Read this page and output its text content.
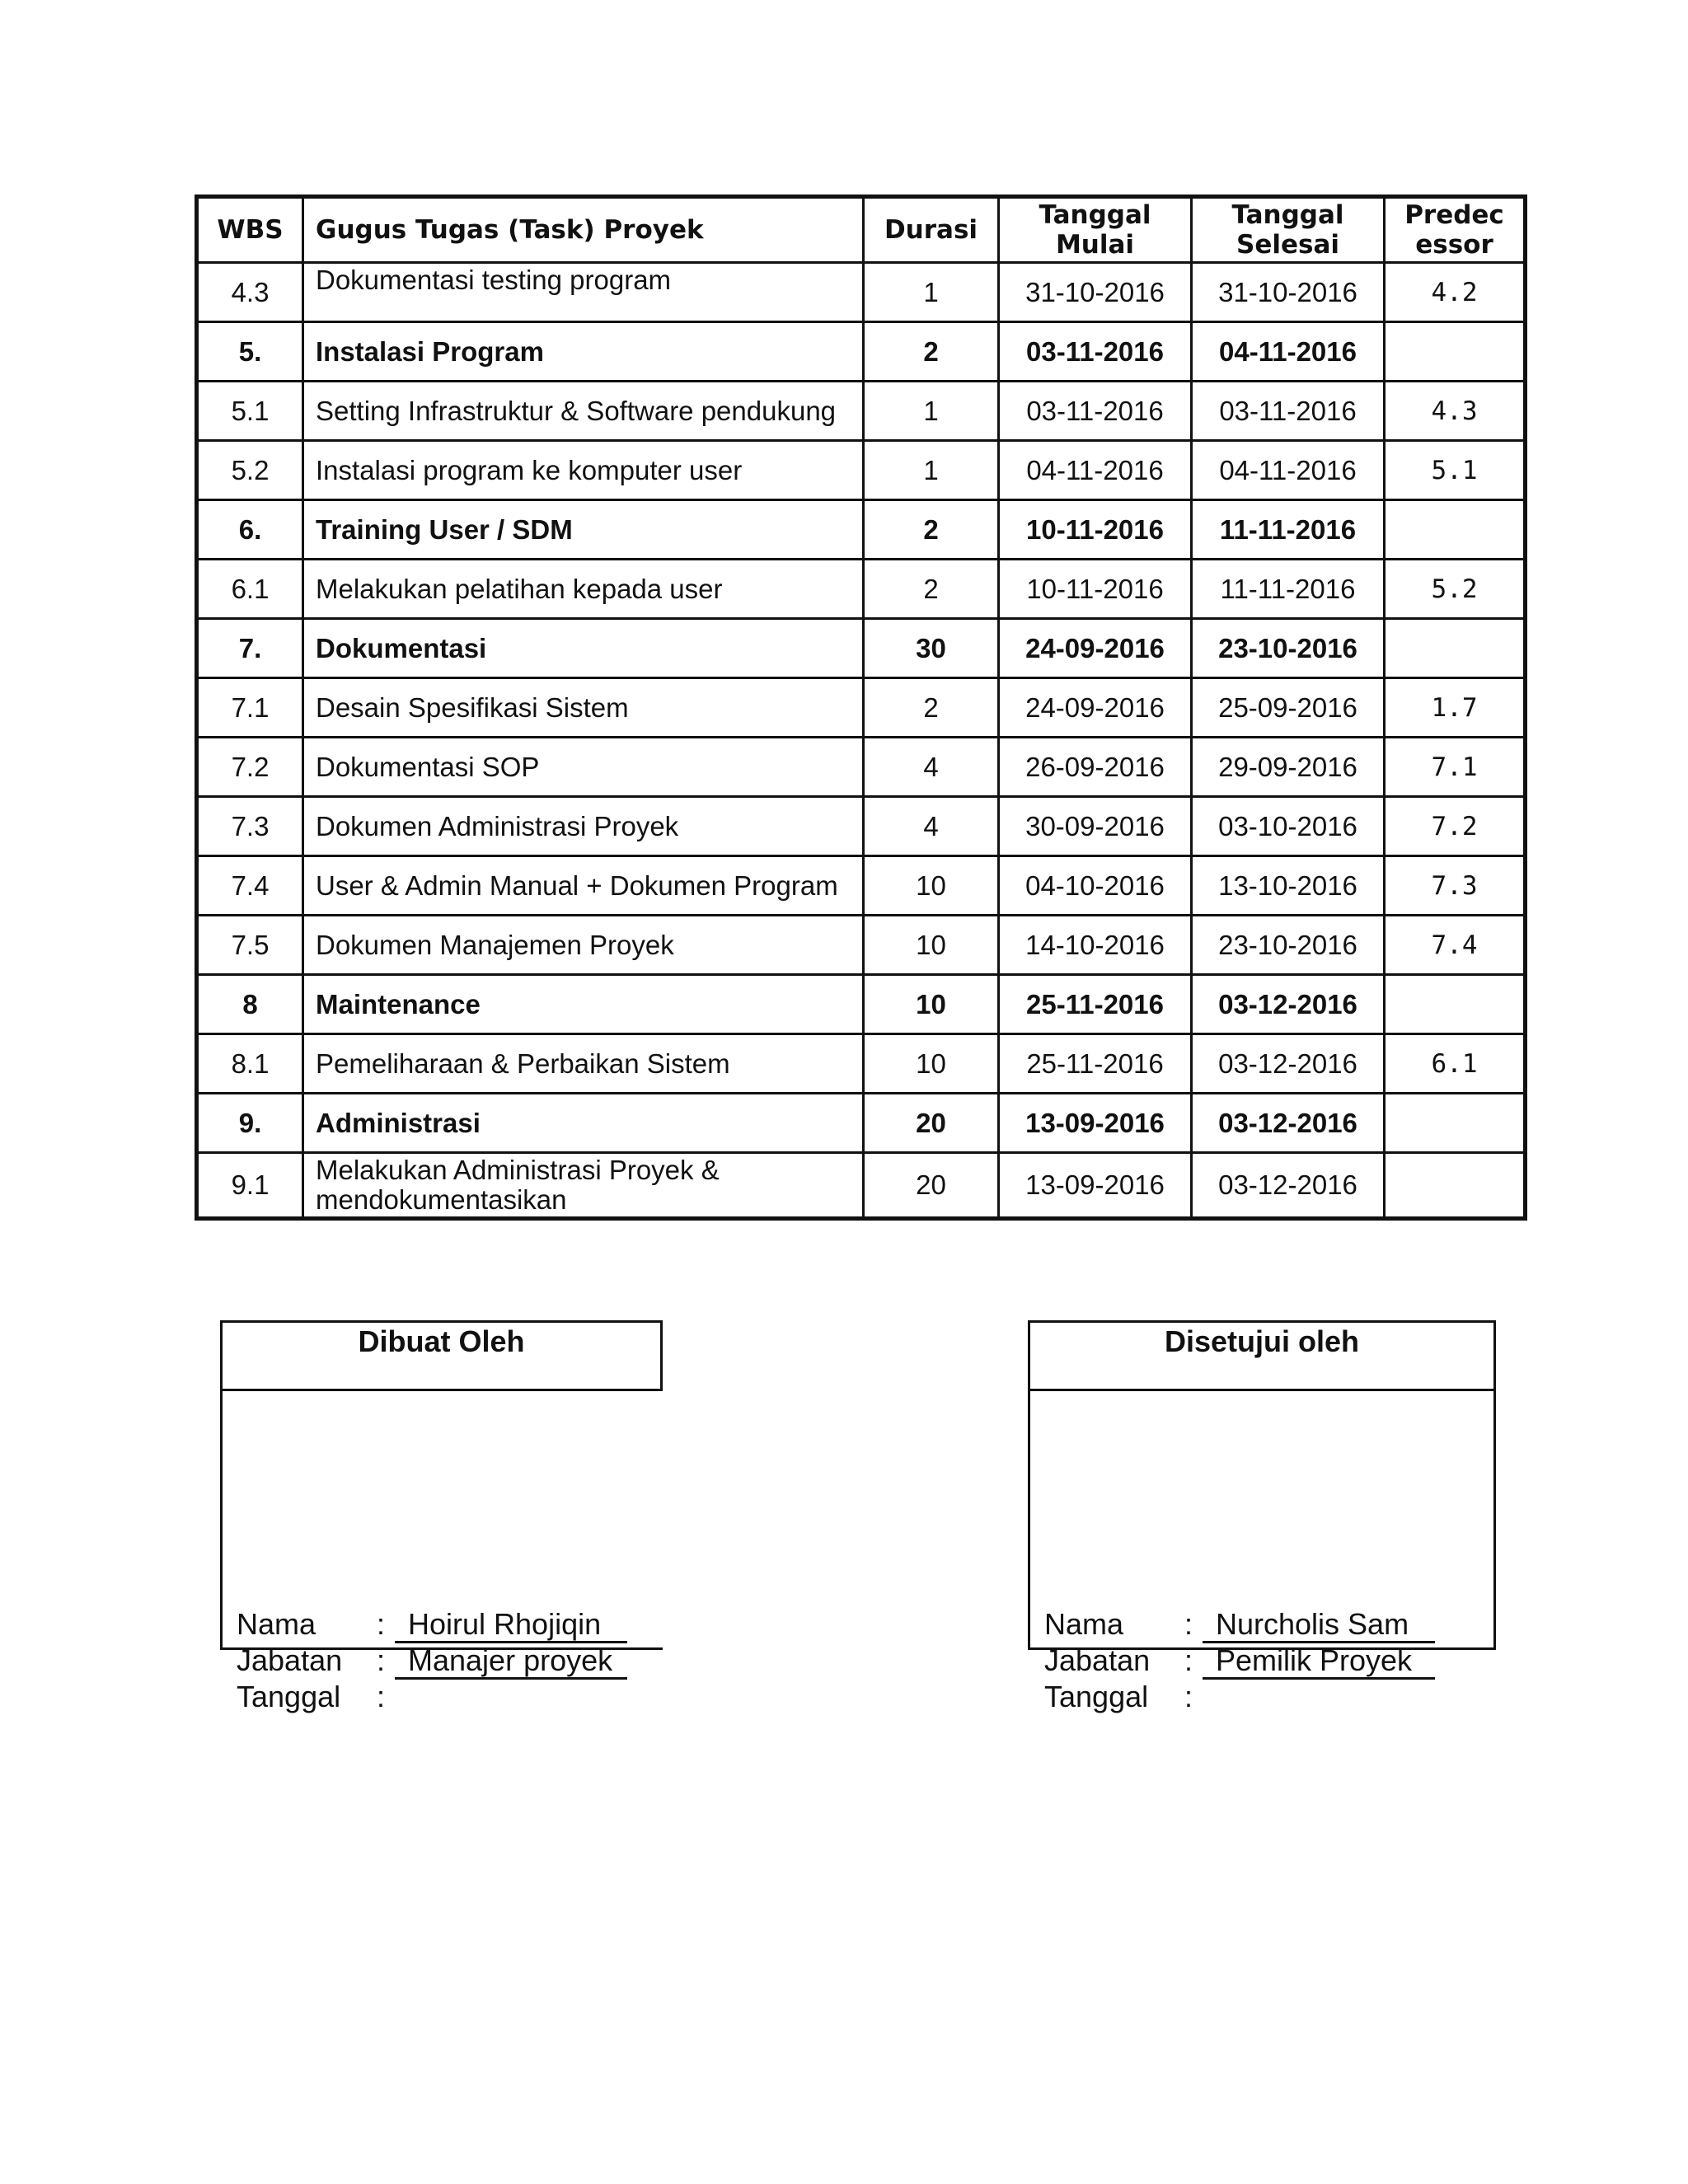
WBS	Gugus Tugas (Task) Proyek	Durasi	Tanggal Mulai	Tanggal Selesai	Predec essor
4.3	Dokumentasi testing program	1	31-10-2016	31-10-2016	4.2
5.	Instalasi Program	2	03-11-2016	04-11-2016	
5.1	Setting Infrastruktur & Software pendukung	1	03-11-2016	03-11-2016	4.3
5.2	Instalasi program ke komputer user	1	04-11-2016	04-11-2016	5.1
6.	Training User / SDM	2	10-11-2016	11-11-2016	
6.1	Melakukan pelatihan kepada user	2	10-11-2016	11-11-2016	5.2
7.	Dokumentasi	30	24-09-2016	23-10-2016	
7.1	Desain Spesifikasi Sistem	2	24-09-2016	25-09-2016	1.7
7.2	Dokumentasi SOP	4	26-09-2016	29-09-2016	7.1
7.3	Dokumen Administrasi Proyek	4	30-09-2016	03-10-2016	7.2
7.4	User & Admin Manual + Dokumen Program	10	04-10-2016	13-10-2016	7.3
7.5	Dokumen Manajemen Proyek	10	14-10-2016	23-10-2016	7.4
8	Maintenance	10	25-11-2016	03-12-2016	
8.1	Pemeliharaan & Perbaikan Sistem	10	25-11-2016	03-12-2016	6.1
9.	Administrasi	20	13-09-2016	03-12-2016	
9.1	Melakukan Administrasi Proyek & mendokumentasikan	20	13-09-2016	03-12-2016	
Dibuat Oleh
Nama : Hoirul Rhojiqin
Jabatan : Manajer proyek
Tanggal :
Disetujui oleh
Nama : Nurcholis Sam
Jabatan : Pemilik Proyek
Tanggal :
